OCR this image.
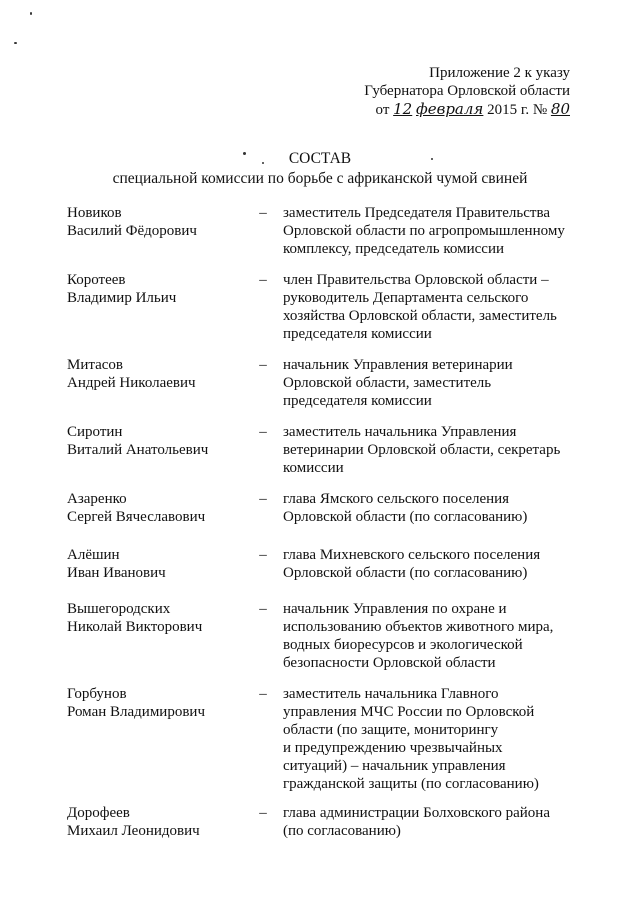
Приложение 2 к указу
Губернатора Орловской области
от 12 февраля 2015 г. № 80
СОСТАВ
специальной комиссии по борьбе с африканской чумой свиней
Новиков
Василий Фёдорович
– заместитель Председателя Правительства
Орловской области по агропромышленному
комплексу, председатель комиссии
Коротеев
Владимир Ильич
– член Правительства Орловской области –
руководитель Департамента сельского
хозяйства Орловской области, заместитель
председателя комиссии
Митасов
Андрей Николаевич
– начальник Управления ветеринарии
Орловской области, заместитель
председателя комиссии
Сиротин
Виталий Анатольевич
– заместитель начальника Управления
ветеринарии Орловской области, секретарь
комиссии
Азаренко
Сергей Вячеславович
– глава Ямского сельского поселения
Орловской области (по согласованию)
Алёшин
Иван Иванович
– глава Михневского сельского поселения
Орловской области (по согласованию)
Вышегородских
Николай Викторович
– начальник Управления по охране и
использованию объектов животного мира,
водных биоресурсов и экологической
безопасности Орловской области
Горбунов
Роман Владимирович
– заместитель начальника Главного
управления МЧС России по Орловской
области (по защите, мониторингу
и предупреждению чрезвычайных
ситуаций) – начальник управления
гражданской защиты (по согласованию)
Дорофеев
Михаил Леонидович
– глава администрации Болховского района
(по согласованию)
